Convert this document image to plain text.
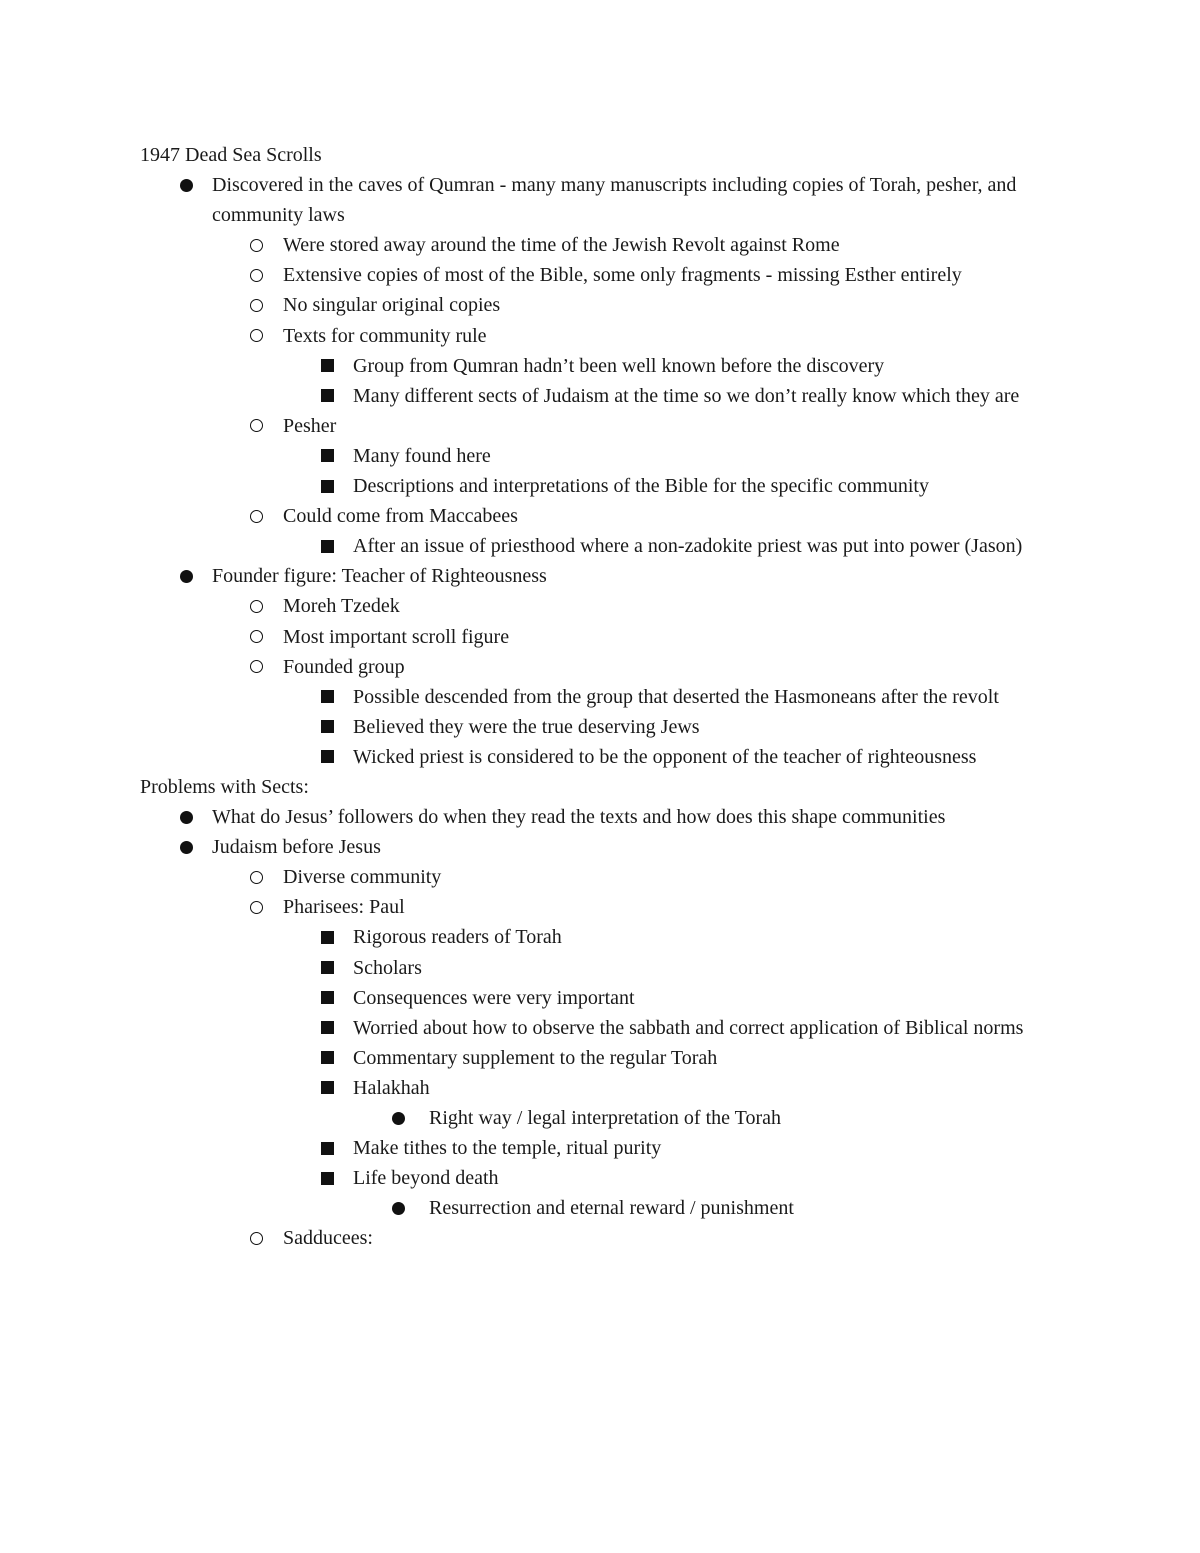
1947 Dead Sea Scrolls
Discovered in the caves of Qumran - many many manuscripts including copies of Torah, pesher, and community laws
Were stored away around the time of the Jewish Revolt against Rome
Extensive copies of most of the Bible, some only fragments - missing Esther entirely
No singular original copies
Texts for community rule
Group from Qumran hadn’t been well known before the discovery
Many different sects of Judaism at the time so we don’t really know which they are
Pesher
Many found here
Descriptions and interpretations of the Bible for the specific community
Could come from Maccabees
After an issue of priesthood where a non-zadokite priest was put into power (Jason)
Founder figure: Teacher of Righteousness
Moreh Tzedek
Most important scroll figure
Founded group
Possible descended from the group that deserted the Hasmoneans after the revolt
Believed they were the true deserving Jews
Wicked priest is considered to be the opponent of the teacher of righteousness
Problems with Sects:
What do Jesus’ followers do when they read the texts and how does this shape communities
Judaism before Jesus
Diverse community
Pharisees: Paul
Rigorous readers of Torah
Scholars
Consequences were very important
Worried about how to observe the sabbath and correct application of Biblical norms
Commentary supplement to the regular Torah
Halakhah
Right way / legal interpretation of the Torah
Make tithes to the temple, ritual purity
Life beyond death
Resurrection and eternal reward / punishment
Sadducees:
